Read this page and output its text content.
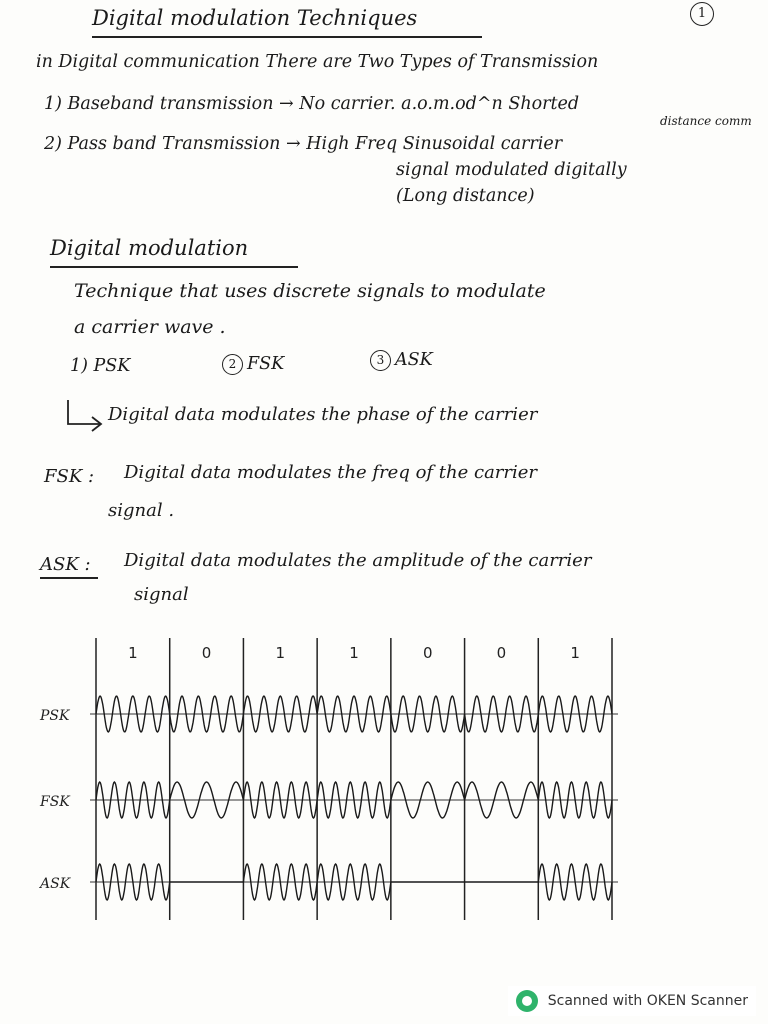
Digital modulation Techniques	1
in Digital communication There are Two Types of Transmission
1) Baseband transmission → No carrier. a.o.m.od^n Shorted
distance comm
2) Pass band Transmission → High Freq Sinusoidal carrier
signal modulated digitally
(Long distance)
Digital modulation
Technique that uses discrete signals to modulate
a carrier wave .
1) PSK	2 FSK	3 ASK
Digital data modulates the phase of the carrier
FSK : Digital data modulates the freq of the carrier
signal .
ASK : Digital data modulates the amplitude of the carrier
signal
1	0	1	1	0	0	1
PSK
FSK
ASK
Scanned with OKEN Scanner
